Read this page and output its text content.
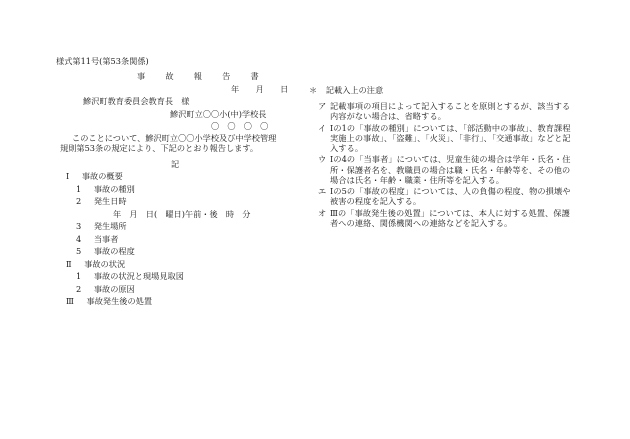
様式第11号(第53条関係)
事　故　報　告　書
年　　月　　日
鰺沢町教育委員会教育長　様
鰺沢町立〇〇小(中)学校長
〇　〇　〇　〇

このことについて、鰺沢町立〇〇小学校及び中学校管理

規則第53条の規定により、下記のとおり報告します。

記
Ⅰ 事故の概要
1 事故の種別
2 発生日時
年　月　日(　曜日)午前・後　時　分
3 発生場所
4 当事者
5 事故の程度
Ⅱ 事故の状況
1 事故の状況と現場見取図
2 事故の原因
Ⅲ 事故発生後の処置
＊ 記載入上の注意
ア 記載事項の項目によって記入することを原則とするが、該当する内容がない場合は、省略する。
イ Ⅰの1の「事故の種別」については、「部活動中の事故」、教育課程実施上の事故」、「盗難」、「火災」、「非行」、「交通事故」などと記入する。
ウ Ⅰの4の「当事者」については、児童生徒の場合は学年・氏名・住所・保護者名を、教職員の場合は職・氏名・年齢等を、その他の場合は氏名・年齢・職業・住所等を記入する。
エ Ⅰの5の「事故の程度」については、人の負傷の程度、物の損壊や被害の程度を記入する。
オ Ⅲの「事故発生後の処置」については、本人に対する処置、保護者への連絡、関係機関への連絡などを記入する。
